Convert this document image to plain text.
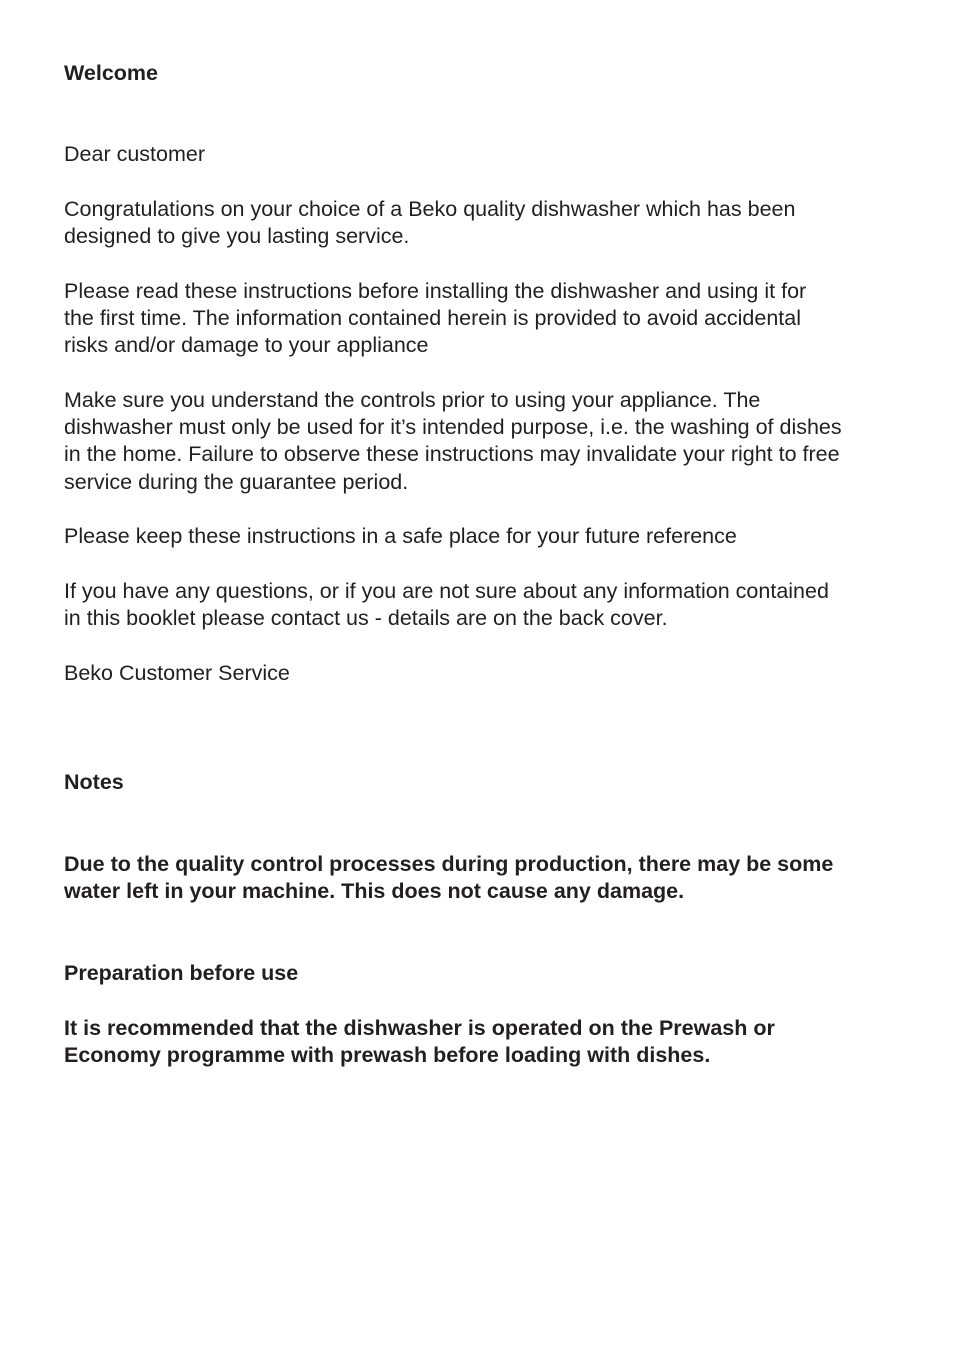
Welcome

Dear customer

Congratulations on your choice of a Beko quality dishwasher which has been
designed to give you lasting service.

Please read these instructions before installing the dishwasher and using it for
the first time. The information contained herein is provided to avoid accidental
risks and/or damage to your appliance

Make sure you understand the controls prior to using your appliance. The
dishwasher must only be used for it’s intended purpose, i.e. the washing of dishes
in the home. Failure to observe these instructions may invalidate your right to free
service during the guarantee period.

Please keep these instructions in a safe place for your future reference

If you have any questions, or if you are not sure about any information contained
in this booklet please contact us - details are on the back cover.

Beko Customer Service

Notes

Due to the quality control processes during production, there may be some
water left in your machine. This does not cause any damage.

Preparation before use

It is recommended that the dishwasher is operated on the Prewash or
Economy programme with prewash before loading with dishes.
